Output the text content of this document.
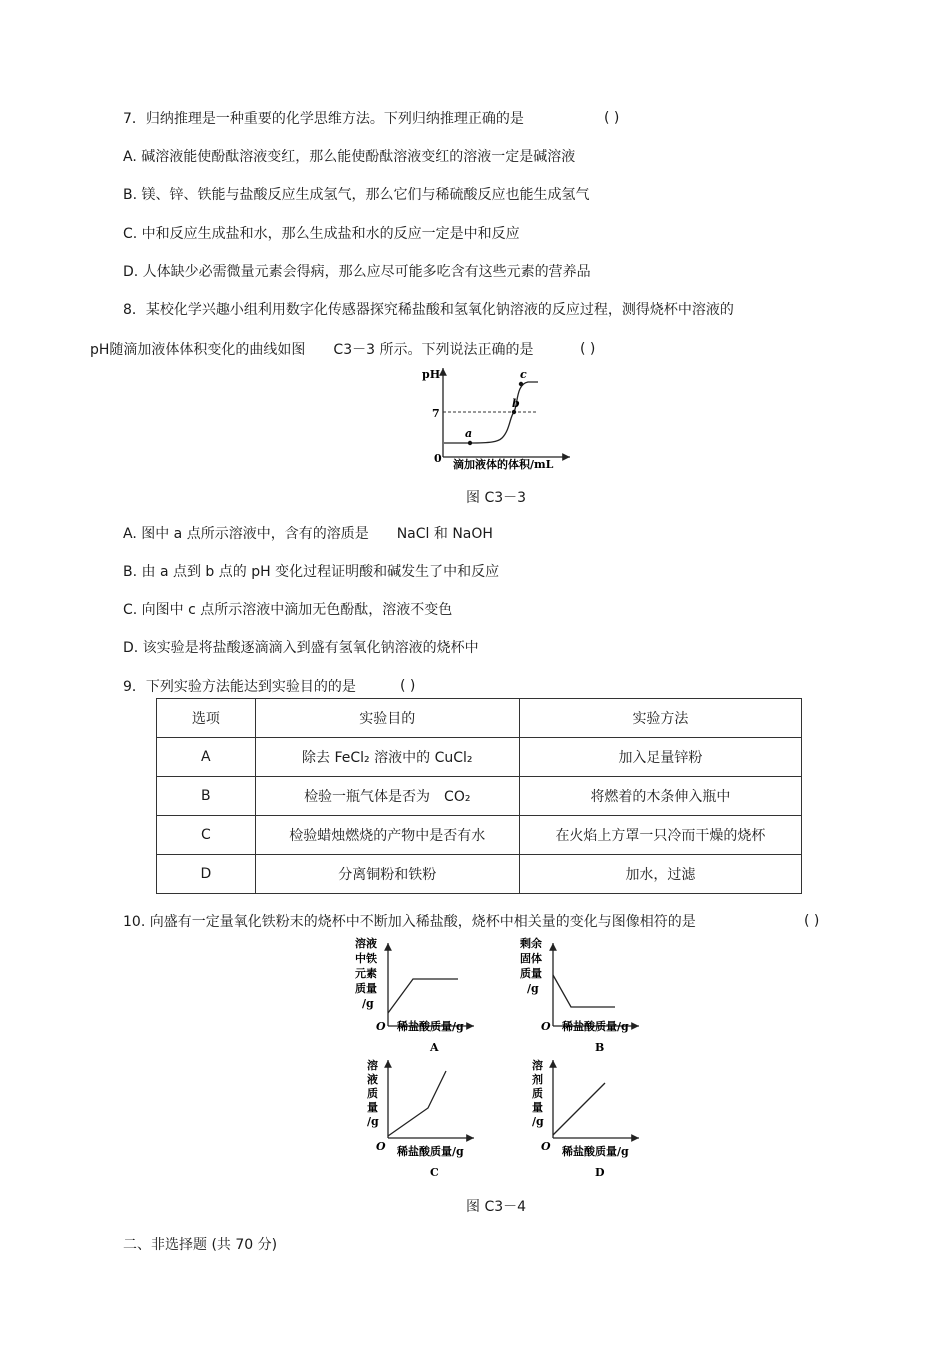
7．归纳推理是一种重要的化学思维方法。下列归纳推理正确的是	( )
A. 碱溶液能使酚酞溶液变红，那么能使酚酞溶液变红的溶液一定是碱溶液
B. 镁、锌、铁能与盐酸反应生成氢气，那么它们与稀硫酸反应也能生成氢气
C. 中和反应生成盐和水，那么生成盐和水的反应一定是中和反应
D. 人体缺少必需微量元素会得病，那么应尽可能多吃含有这些元素的营养品
8．某校化学兴趣小组利用数字化传感器探究稀盐酸和氢氧化钠溶液的反应过程，测得烧杯中溶液的
pH随滴加液体体积变化的曲线如图　　C3－3 所示。下列说法正确的是	( )
pH
7
0
a
b
c
滴加液体的体积/mL
图 C3－3
A. 图中 a 点所示溶液中，含有的溶质是　　NaCl 和 NaOH
B. 由 a 点到 b 点的 pH 变化过程证明酸和碱发生了中和反应
C. 向图中 c 点所示溶液中滴加无色酚酞，溶液不变色
D. 该实验是将盐酸逐滴滴入到盛有氢氧化钠溶液的烧杯中
9．下列实验方法能达到实验目的的是	( )
选项	实验目的	实验方法
A	除去 FeCl₂ 溶液中的 CuCl₂	加入足量锌粉
B	检验一瓶气体是否为　CO₂	将燃着的木条伸入瓶中
C	检验蜡烛燃烧的产物中是否有水	在火焰上方罩一只冷而干燥的烧杯
D	分离铜粉和铁粉	加水，过滤
10. 向盛有一定量氧化铁粉末的烧杯中不断加入稀盐酸，烧杯中相关量的变化与图像相符的是	( )
溶液 中铁 元素 质量 /g
O 稀盐酸质量/g
A
剩余 固体 质量 /g
O 稀盐酸质量/g
B
溶 液 质 量 /g
O 稀盐酸质量/g
C
溶 剂 质 量 /g
O 稀盐酸质量/g
D
图 C3－4
二、非选择题 (共 70 分)
